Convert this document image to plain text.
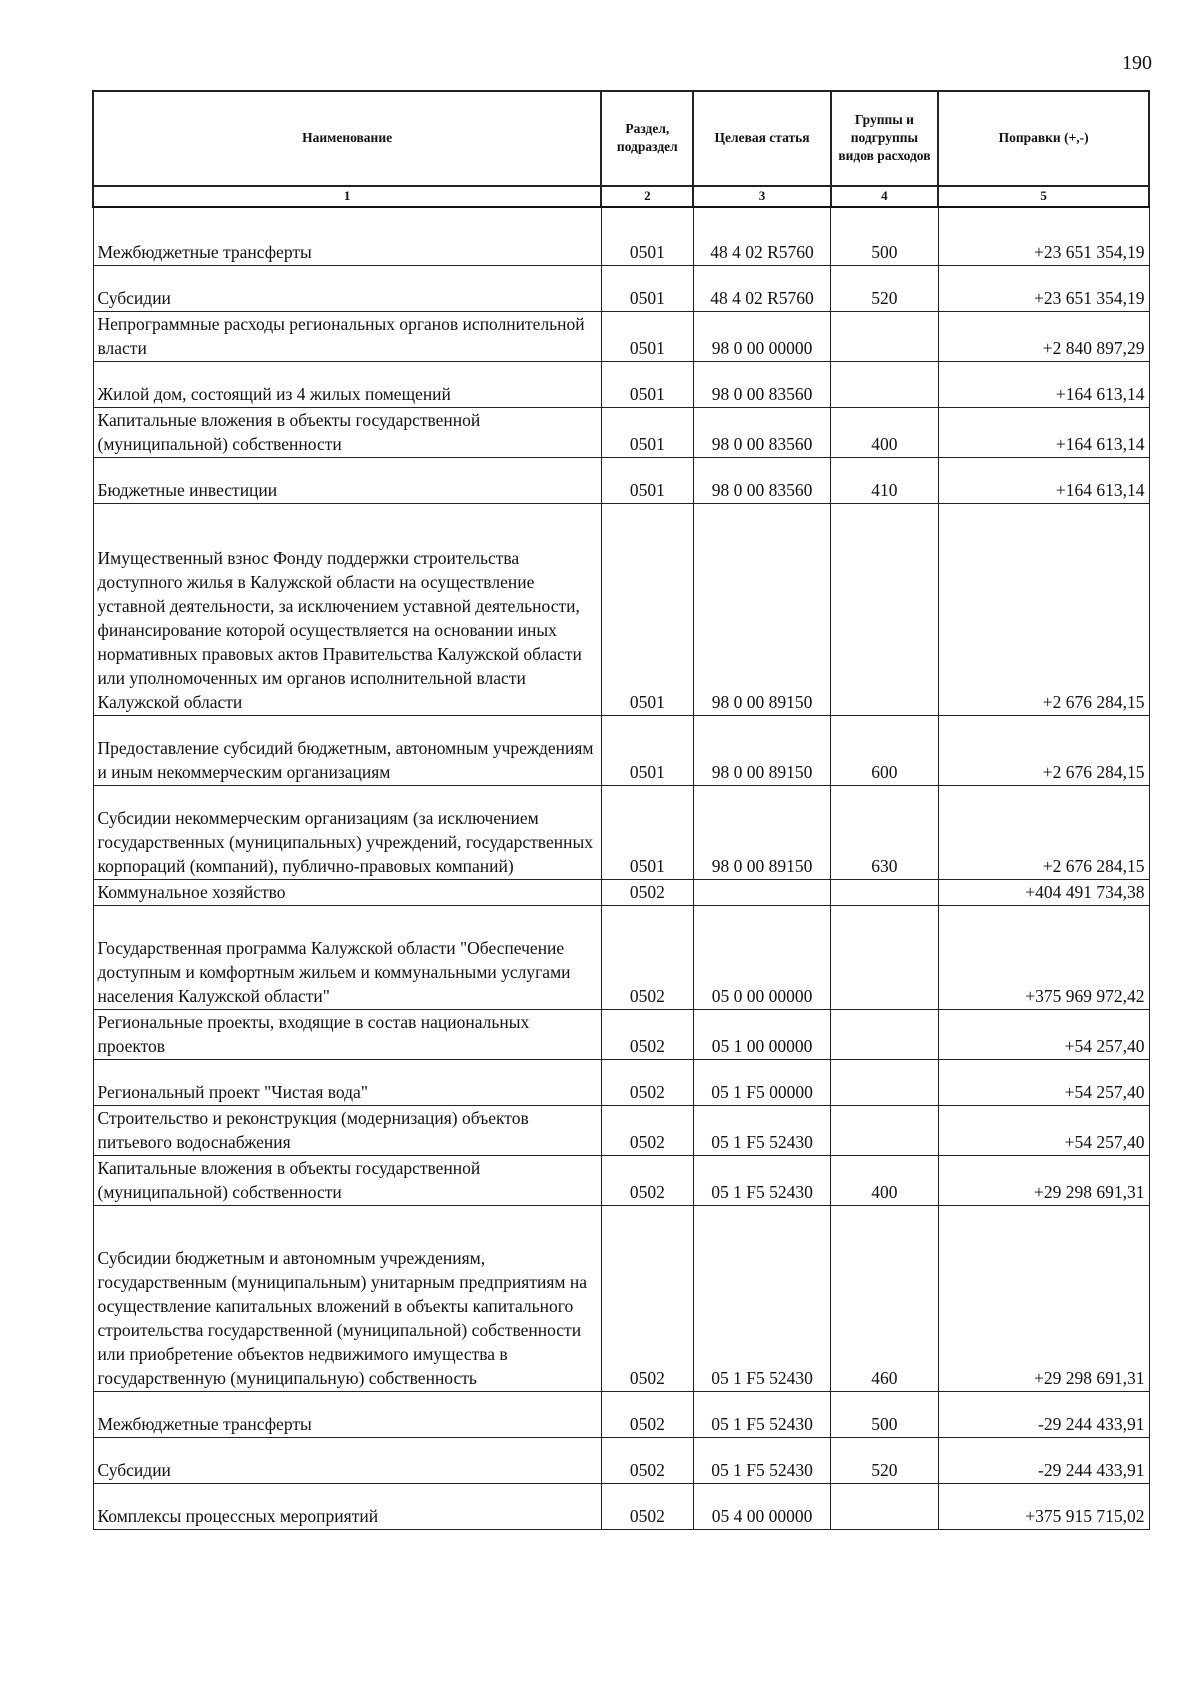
190
Наименование	Раздел, подраздел	Целевая статья	Группы и подгруппы видов расходов	Поправки (+,-)
1	2	3	4	5
Межбюджетные трансферты	0501	48 4 02 R5760	500	+23 651 354,19
Субсидии	0501	48 4 02 R5760	520	+23 651 354,19
Непрограммные расходы региональных органов исполнительной власти	0501	98 0 00 00000		+2 840 897,29
Жилой дом, состоящий из 4 жилых помещений	0501	98 0 00 83560		+164 613,14
Капитальные вложения в объекты государственной (муниципальной) собственности	0501	98 0 00 83560	400	+164 613,14
Бюджетные инвестиции	0501	98 0 00 83560	410	+164 613,14
Имущественный взнос Фонду поддержки строительства доступного жилья в Калужской области на осуществление уставной деятельности, за исключением уставной деятельности, финансирование которой осуществляется на основании иных нормативных правовых актов Правительства Калужской области или уполномоченных им органов исполнительной власти Калужской области	0501	98 0 00 89150		+2 676 284,15
Предоставление субсидий бюджетным, автономным учреждениям и иным некоммерческим организациям	0501	98 0 00 89150	600	+2 676 284,15
Субсидии некоммерческим организациям (за исключением государственных (муниципальных) учреждений, государственных корпораций (компаний), публично-правовых компаний)	0501	98 0 00 89150	630	+2 676 284,15
Коммунальное хозяйство	0502			+404 491 734,38
Государственная программа Калужской области "Обеспечение доступным и комфортным жильем и коммунальными услугами населения Калужской области"	0502	05 0 00 00000		+375 969 972,42
Региональные проекты, входящие в состав национальных проектов	0502	05 1 00 00000		+54 257,40
Региональный проект "Чистая вода"	0502	05 1 F5 00000		+54 257,40
Строительство и реконструкция (модернизация) объектов питьевого водоснабжения	0502	05 1 F5 52430		+54 257,40
Капитальные вложения в объекты государственной (муниципальной) собственности	0502	05 1 F5 52430	400	+29 298 691,31
Субсидии бюджетным и автономным учреждениям, государственным (муниципальным) унитарным предприятиям на осуществление капитальных вложений в объекты капитального строительства государственной (муниципальной) собственности или приобретение объектов недвижимого имущества в государственную (муниципальную) собственность	0502	05 1 F5 52430	460	+29 298 691,31
Межбюджетные трансферты	0502	05 1 F5 52430	500	-29 244 433,91
Субсидии	0502	05 1 F5 52430	520	-29 244 433,91
Комплексы процессных мероприятий	0502	05 4 00 00000		+375 915 715,02
